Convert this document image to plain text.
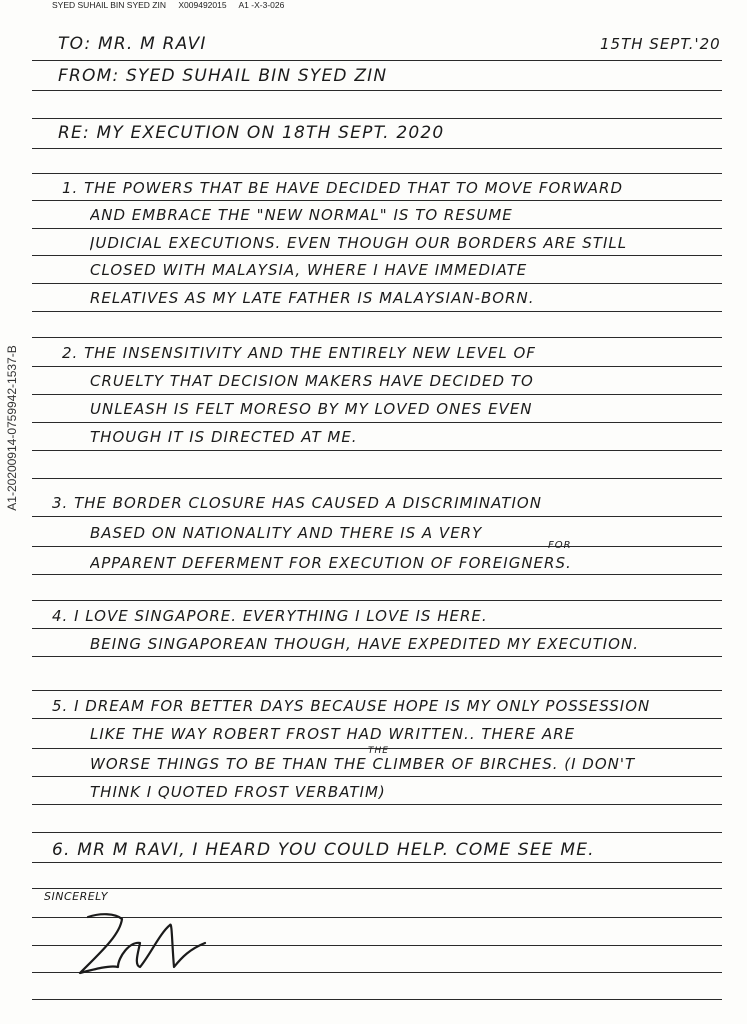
SYED SUHAIL BIN SYED ZIN X009492015 A1 -X-3-026
A1-20200914-0759942-1537-B
TO: MR. M RAVI	15TH SEPT.'20
FROM: SYED SUHAIL BIN SYED ZIN
RE: MY EXECUTION ON 18TH SEPT. 2020
1. THE POWERS THAT BE HAVE DECIDED THAT TO MOVE FORWARD
AND EMBRACE THE "NEW NORMAL" IS TO RESUME
JUDICIAL EXECUTIONS. EVEN THOUGH OUR BORDERS ARE STILL
CLOSED WITH MALAYSIA, WHERE I HAVE IMMEDIATE
RELATIVES AS MY LATE FATHER IS MALAYSIAN-BORN.
2. THE INSENSITIVITY AND THE ENTIRELY NEW LEVEL OF
CRUELTY THAT DECISION MAKERS HAVE DECIDED TO
UNLEASH IS FELT MORESO BY MY LOVED ONES EVEN
THOUGH IT IS DIRECTED AT ME.
3. THE BORDER CLOSURE HAS CAUSED A DISCRIMINATION
BASED ON NATIONALITY AND THERE IS A VERY
APPARENT DEFERMENT FOR EXECUTION OF FOREIGNERS.
FOR
4. I LOVE SINGAPORE. EVERYTHING I LOVE IS HERE.
BEING SINGAPOREAN THOUGH, HAVE EXPEDITED MY EXECUTION.
5. I DREAM FOR BETTER DAYS BECAUSE HOPE IS MY ONLY POSSESSION
LIKE THE WAY ROBERT FROST HAD WRITTEN.. THERE ARE
WORSE THINGS TO BE THAN THE CLIMBER OF BIRCHES. (I DON'T
THINK I QUOTED FROST VERBATIM)
THE
6. MR M RAVI, I HEARD YOU COULD HELP. COME SEE ME.
SINCERELY
